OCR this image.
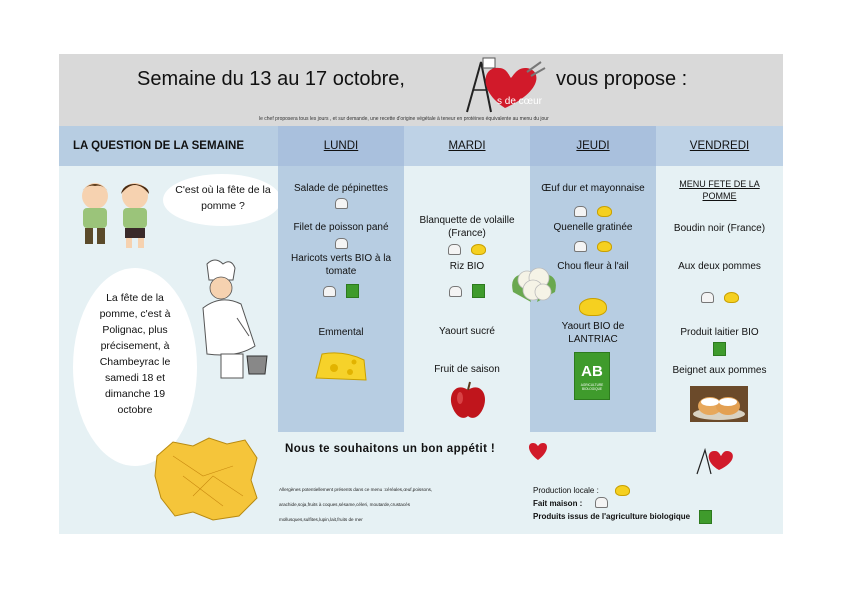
Semaine du 13 au 17 octobre,
s de cœur
vous propose :
le chef proposera tous les jours , et sur demande, une recette d'origine végétale à teneur en protéines équivalente au menu du jour
LA QUESTION DE LA SEMAINE
C'est où la fête de la pomme ?
La fête de la pomme, c'est à Polignac, plus précisement, à Chambeyrac le samedi 18 et dimanche 19 octobre
LUNDI
Salade de pépinettes
Filet de poisson pané
Haricots verts BIO à la tomate
Emmental
MARDI
Blanquette de volaille (France)
Riz BIO
Yaourt sucré
Fruit de saison
JEUDI
Œuf dur et mayonnaise
Quenelle gratinée
Chou fleur à l'ail
Yaourt BIO de LANTRIAC
AB
AGRICULTURE BIOLOGIQUE
VENDREDI
MENU FETE DE LA POMME
Boudin noir (France)
Aux deux pommes
Produit laitier BIO
Beignet aux pommes
Nous te souhaitons un bon appétit !
Allergènes potentiellement présents dans ce menu :céréales,œuf,poissons,
arachide,soja,fruits à coques,sésame,céleri, moutarde,crustacés
mollusques,sulfites,lupin,lait,fruits de mer
Production locale :
Fait maison :
Produits issus de l'agriculture biologique
